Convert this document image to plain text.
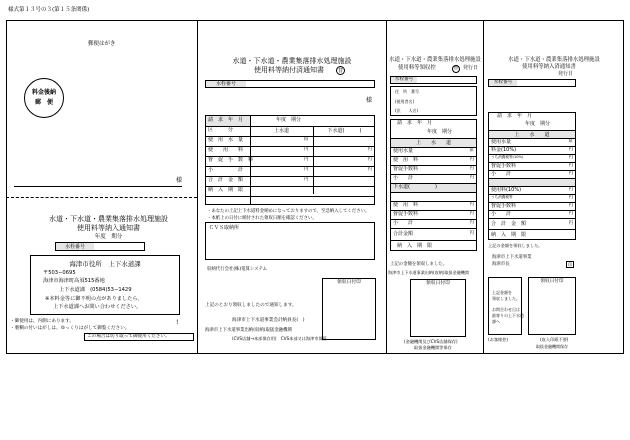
様式第１３号の３(第１５条関係)
郵便はがき
料金後納
郵　便
様
水道・下水道・農業集落排水処理施設
使用料等納入通知書
年度　期分
水栓番号
海津市役所　上下水道課
〒503−0695
海津市海津町高須515番地
上下水道課　(0584)53−1429
※本料金等に御不明の点がありましたら、
上下水道課へお問い合わせください。
・御使用は、内側にあります。
・裏糊の付いはがしは、ゆっくりはがして御覧ください。
!
この場合は切り取って御使用ください。
水道・下水道・農業集落排水処理施設
使用料等納付済通知書	替
水栓番号
様
請　求　年　月	年度　期分
区　　　分	上水道	下水道(　　　)
使　用　水　量	㎥
使　　用　　料	円	円
督　促　手　数　料	円	円
小　　　　　計	円	円
合　計　金　額	円
納　入　期　限
・あなたの上記上下水道料金納めになっておりますので、至急納入してください。
・本紙上の日付に納付された領収日額を確認ください。
ＣＶＳ取納所
収納代行会社(株)電算システム
領収日付印
上記のとおり領収しましたので通知します。
海津市上下水道事業会計納員長(　)
海津市上下水道事業出納(収納)取扱金融機関
(CVS店舗→本部保存用)　CVS本部又は海津市保管
水道・下水道・農業集落排水処理施設
使用料等領収控	替 発行日
水栓番号
住　所　番号
(使用者名)
(法　　人名)
請　求　年　月
年度　期分
上　　水　　道
使用水量	㎥
使　用　料	円
督促手数料	円
小　　計	円
下水道(　　　　　)
使　用　料	円
督促手数料	円
小　　計	円
合計金額	円
納　入　期　限
上記の金額を領収しました。
海津市上下水道事業出納(収納)取扱金融機関
領収日付印
(金融機関及びCVS店舗保存)
取扱金融機関等保存
水道・下水道・農業集落排水処理施設
使用料等納入済通知書
発行日
水栓番号
請　求　年　月
年度　期分
上　　水　　道
使用水量	㎥
料金(10%)	円
うち消費税等(10%)	円
督促手数料	円
小　　計	円
使用料(10%)	円
うち消費税等	円
督促手数料	円
小　　計	円
合　計　金　額	円
納　入　期　限
上記の金額を領収しました。
海津市上下水道事業
海津市長	印
上記金額を
領収しました。
お問合わせ日は
最寄りの上下水道
課へ
領収日付印
(お客様控)	(収入印紙不要)
取扱金融機関保存
